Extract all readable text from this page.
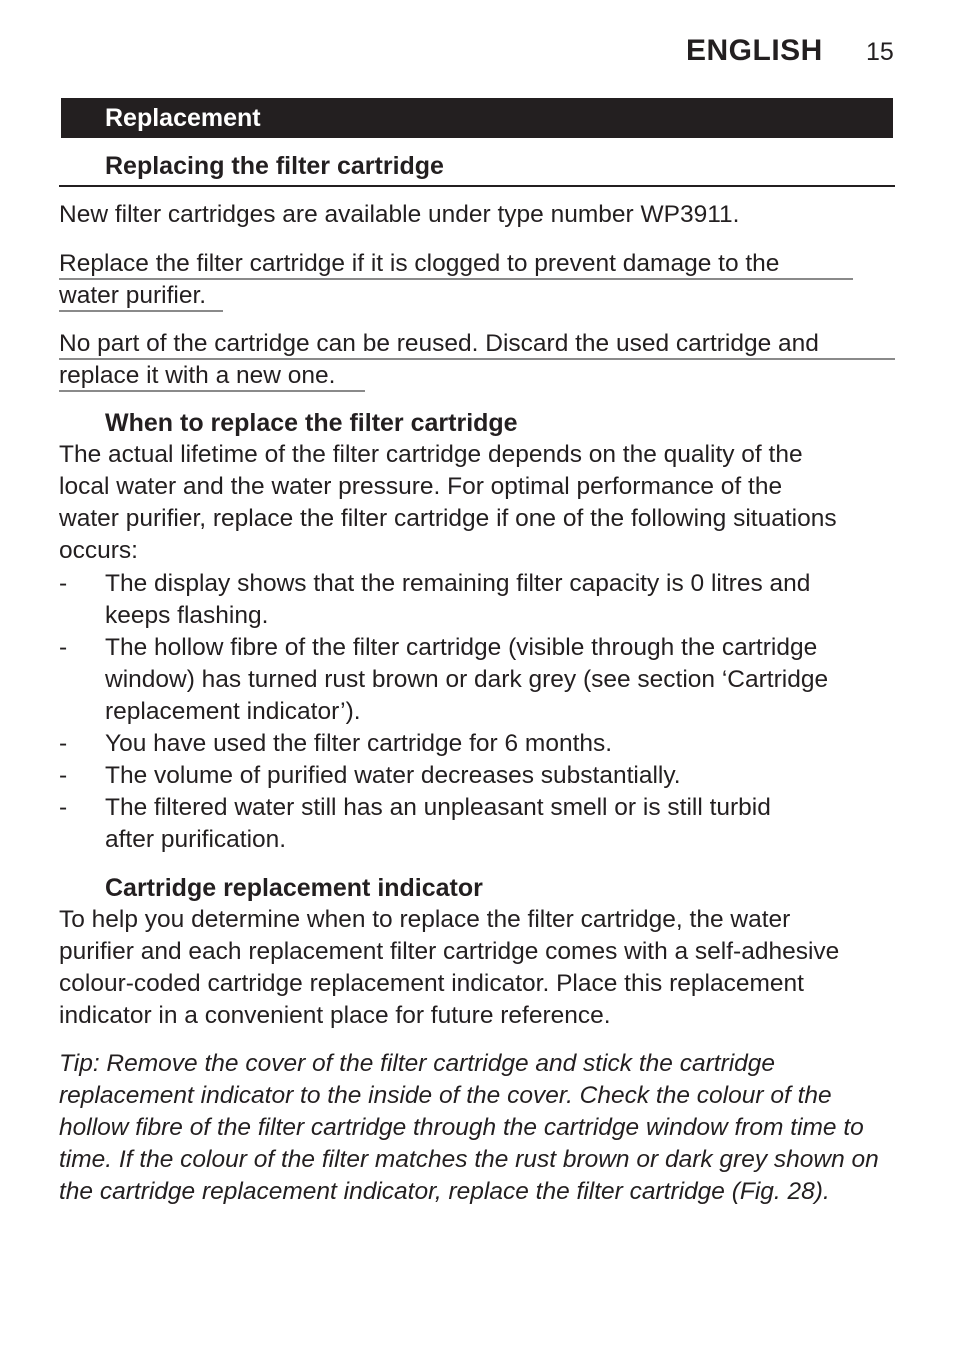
ENGLISH 15
Replacement
Replacing the filter cartridge

New filter cartridges are available under type number WP3911.

Replace the filter cartridge if it is clogged to prevent damage to the
water purifier.
No part of the cartridge can be reused. Discard the used cartridge and
replace it with a new one.
When to replace the filter cartridge

The actual lifetime of the filter cartridge depends on the quality of the

local water and the water pressure. For optimal performance of the

water purifier, replace the filter cartridge if one of the following situations

occurs:

- The display shows that the remaining filter capacity is 0 litres and

keeps flashing.

- The hollow fibre of the filter cartridge (visible through the cartridge

window) has turned rust brown or dark grey (see section ‘Cartridge

replacement indicator’).

- You have used the filter cartridge for 6 months.

- The volume of purified water decreases substantially.

- The filtered water still has an unpleasant smell or is still turbid

after purification.

Cartridge replacement indicator

To help you determine when to replace the filter cartridge, the water

purifier and each replacement filter cartridge comes with a self-adhesive

colour-coded cartridge replacement indicator. Place this replacement

indicator in a convenient place for future reference.

Tip: Remove the cover of the filter cartridge and stick the cartridge

replacement indicator to the inside of the cover. Check the colour of the

hollow fibre of the filter cartridge through the cartridge window from time to

time. If the colour of the filter matches the rust brown or dark grey shown on

the cartridge replacement indicator, replace the filter cartridge (Fig. 28).
